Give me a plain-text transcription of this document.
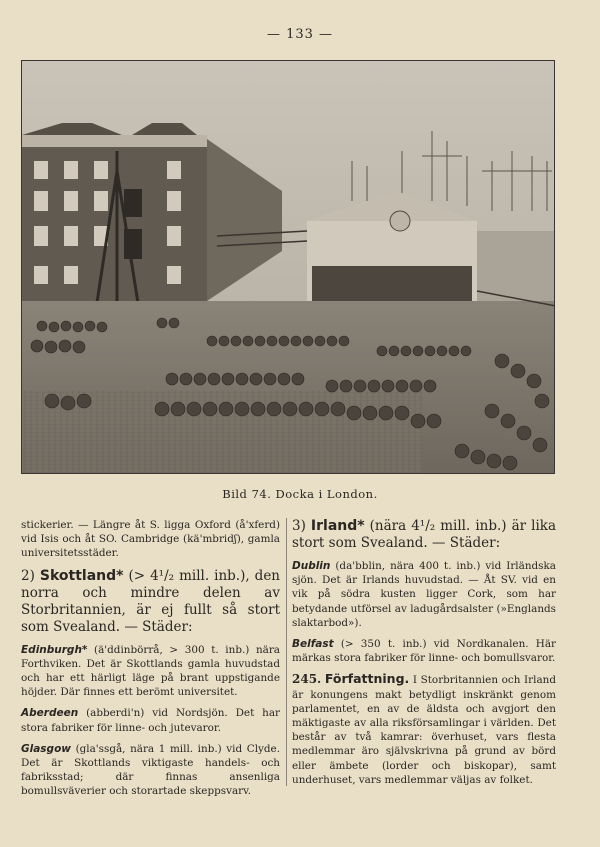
— 133 —
Bild 74. Docka i London.

stickerier. — Längre åt S. ligga Oxford (å'xferd) vid Isis och åt SO. Cambridge (kä'mbridʃ), gamla universitetsstäder.

2) Skottland* (> 4¹/₂ mill. inb.), den norra och mindre delen av Storbritannien, är ej fullt så stort som Svealand. — Städer:

Edinburgh* (ä'ddinbörrå, > 300 t. inb.) nära Forthviken. Det är Skottlands gamla huvudstad och har ett härligt läge på brant uppstigande höjder. Där finnes ett berömt universitet.

Aberdeen (abberdi'n) vid Nordsjön. Det har stora fabriker för linne- och jutevaror.

Glasgow (gla'ssgå, nära 1 mill. inb.) vid Clyde. Det är Skottlands viktigaste handels- och fabriksstad; där finnas ansenliga bomullsväverier och storartade skeppsvarv.

3) Irland* (nära 4¹/₂ mill. inb.) är lika stort som Svealand. — Städer:

Dublin (da'bblin, nära 400 t. inb.) vid Irländska sjön. Det är Irlands huvudstad. — Åt SV. vid en vik på södra kusten ligger Cork, som har betydande utförsel av ladugårdsalster (»Englands slaktarbod»).

Belfast (> 350 t. inb.) vid Nordkanalen. Här märkas stora fabriker för linne- och bomullsvaror.

245. Författning. I Storbritannien och Irland är konungens makt betydligt inskränkt genom parlamentet, en av de äldsta och avgjort den mäktigaste av alla riksförsamlingar i världen. Det består av två kamrar: överhuset, vars flesta medlemmar äro självskrivna på grund av börd eller ämbete (lorder och biskopar), samt underhuset, vars medlemmar väljas av folket.
